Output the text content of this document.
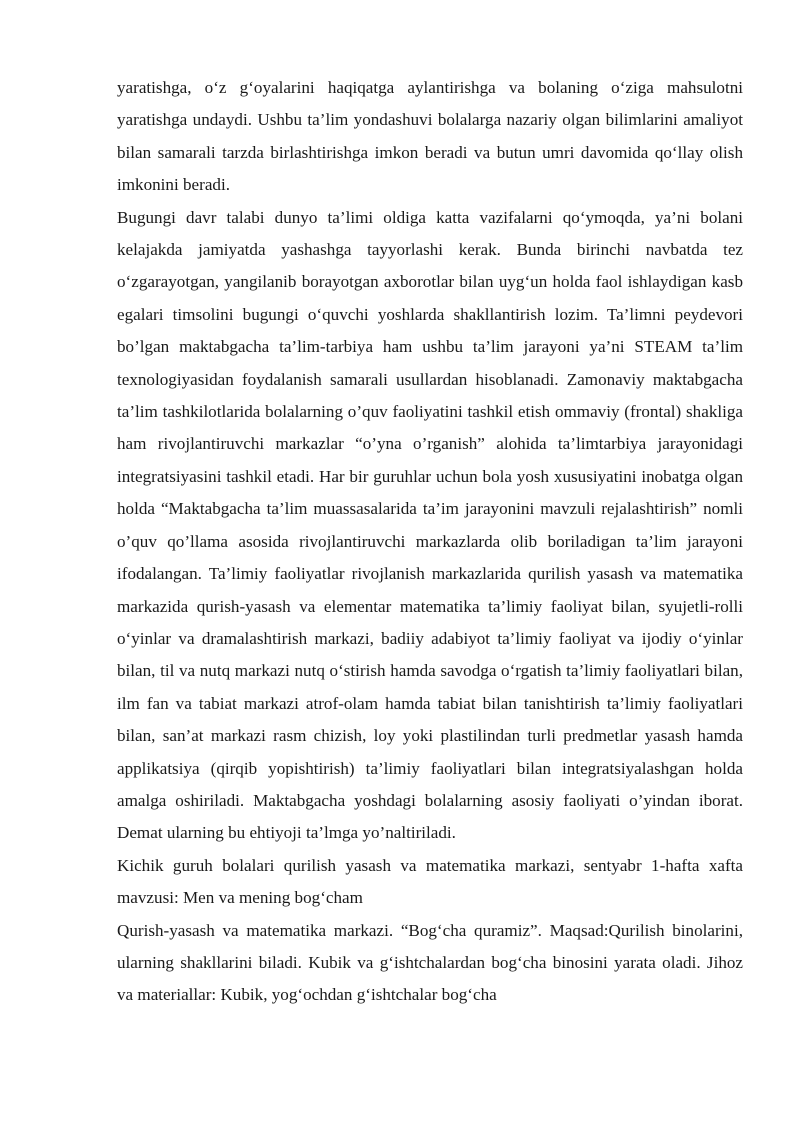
yaratishga, o‘z g‘oyalarini haqiqatga aylantirishga va bolaning o‘ziga mahsulotni yaratishga undaydi. Ushbu ta’lim yondashuvi bolalarga nazariy olgan bilimlarini amaliyot bilan samarali tarzda birlashtirishga imkon beradi va butun umri davomida qo‘llay olish imkonini beradi.

Bugungi davr talabi dunyo ta’limi oldiga katta vazifalarni qo‘ymoqda, ya’ni bolani kelajakda jamiyatda yashashga tayyorlashi kerak. Bunda birinchi navbatda tez o‘zgarayotgan, yangilanib borayotgan axborotlar bilan uyg‘un holda faol ishlaydigan kasb egalari timsolini bugungi o‘quvchi yoshlarda shakllantirish lozim. Ta’limni peydevori bo’lgan maktabgacha ta’lim-tarbiya ham ushbu ta’lim jarayoni ya’ni STEAM ta’lim texnologiyasidan foydalanish samarali usullardan hisoblanadi. Zamonaviy maktabgacha ta’lim tashkilotlarida bolalarning o’quv faoliyatini tashkil etish ommaviy (frontal) shakliga ham rivojlantiruvchi markazlar “o’yna o’rganish” alohida ta’limtarbiya jarayonidagi integratsiyasini tashkil etadi. Har bir guruhlar uchun bola yosh xususiyatini inobatga olgan holda “Maktabgacha ta’lim muassasalarida ta’im jarayonini mavzuli rejalashtirish” nomli o’quv qo’llama asosida rivojlantiruvchi markazlarda olib boriladigan ta’lim jarayoni ifodalangan. Ta’limiy faoliyatlar rivojlanish markazlarida qurilish yasash va matematika markazida qurish-yasash va elementar matematika ta’limiy faoliyat bilan, syujetli-rolli o‘yinlar va dramalashtirish markazi, badiiy adabiyot ta’limiy faoliyat va ijodiy o‘yinlar bilan, til va nutq markazi nutq o‘stirish hamda savodga o‘rgatish ta’limiy faoliyatlari bilan, ilm fan va tabiat markazi atrof-olam hamda tabiat bilan tanishtirish ta’limiy faoliyatlari bilan, san’at markazi rasm chizish, loy yoki plastilindan turli predmetlar yasash hamda applikatsiya (qirqib yopishtirish) ta’limiy faoliyatlari bilan integratsiyalashgan holda amalga oshiriladi. Maktabgacha yoshdagi bolalarning asosiy faoliyati o’yindan iborat. Demat ularning bu ehtiyoji ta’lmga yo’naltiriladi.

Kichik guruh bolalari qurilish yasash va matematika markazi, sentyabr 1-hafta xafta mavzusi: Men va mening bog‘cham

Qurish-yasash va matematika markazi. “Bog‘cha quramiz”. Maqsad:Qurilish binolarini, ularning shakllarini biladi. Kubik va g‘ishtchalardan bog‘cha binosini yarata oladi. Jihoz va materiallar: Kubik, yog‘ochdan g‘ishtchalar bog‘cha
